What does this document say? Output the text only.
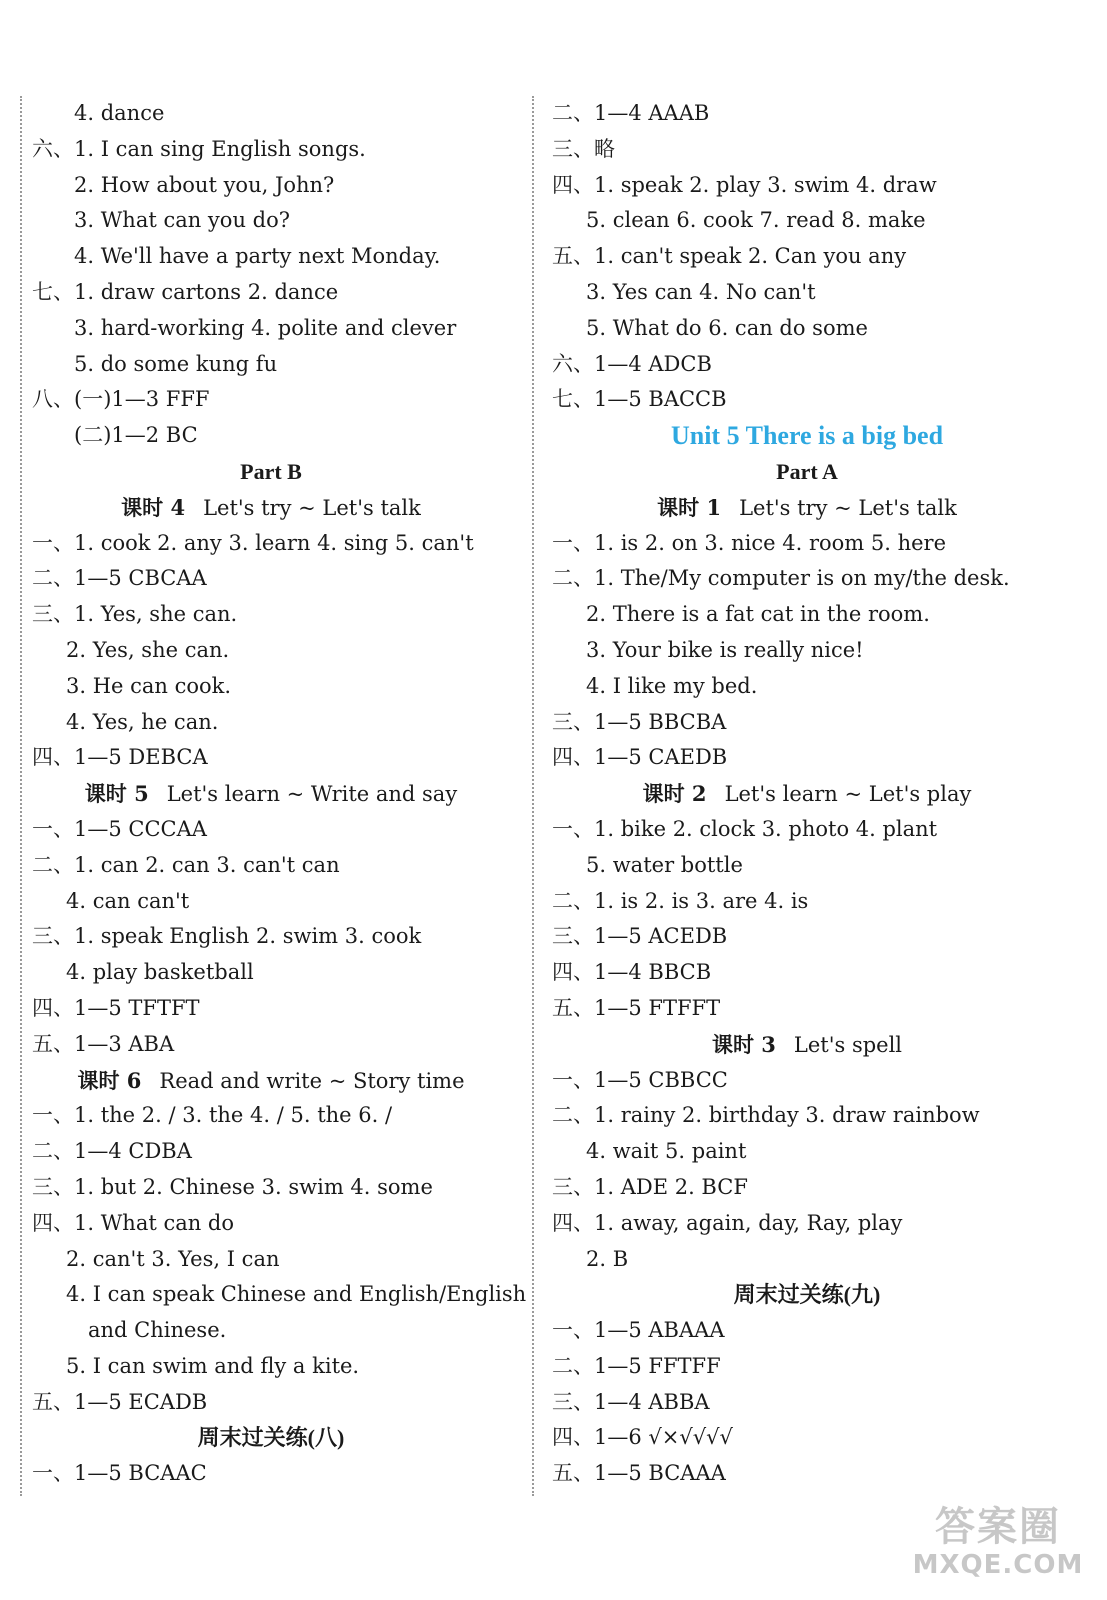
4. dance
六、1. I can sing English songs.
2. How about you, John?
3. What can you do?
4. We'll have a party next Monday.
七、1. draw cartons 2. dance
3. hard-working 4. polite and clever
5. do some kung fu
八、(一)1—3 FFF
(二)1—2 BC
Part B
课时 4 Let's try ~ Let's talk
一、1. cook 2. any 3. learn 4. sing 5. can't
二、1—5 CBCAA
三、1. Yes, she can.
2. Yes, she can.
3. He can cook.
4. Yes, he can.
四、1—5 DEBCA
课时 5 Let's learn ~ Write and say
一、1—5 CCCAA
二、1. can 2. can 3. can't can
4. can can't
三、1. speak English 2. swim 3. cook
4. play basketball
四、1—5 TFTFT
五、1—3 ABA
课时 6 Read and write ~ Story time
一、1. the 2. / 3. the 4. / 5. the 6. /
二、1—4 CDBA
三、1. but 2. Chinese 3. swim 4. some
四、1. What can do
2. can't 3. Yes, I can
4. I can speak Chinese and English/English
and Chinese.
5. I can swim and fly a kite.
五、1—5 ECADB
周末过关练(八)
一、1—5 BCAAC
二、1—4 AAAB
三、略
四、1. speak 2. play 3. swim 4. draw
5. clean 6. cook 7. read 8. make
五、1. can't speak 2. Can you any
3. Yes can 4. No can't
5. What do 6. can do some
六、1—4 ADCB
七、1—5 BACCB
Unit 5 There is a big bed
Part A
课时 1 Let's try ~ Let's talk
一、1. is 2. on 3. nice 4. room 5. here
二、1. The/My computer is on my/the desk.
2. There is a fat cat in the room.
3. Your bike is really nice!
4. I like my bed.
三、1—5 BBCBA
四、1—5 CAEDB
课时 2 Let's learn ~ Let's play
一、1. bike 2. clock 3. photo 4. plant
5. water bottle
二、1. is 2. is 3. are 4. is
三、1—5 ACEDB
四、1—4 BBCB
五、1—5 FTFFT
课时 3 Let's spell
一、1—5 CBBCC
二、1. rainy 2. birthday 3. draw rainbow
4. wait 5. paint
三、1. ADE 2. BCF
四、1. away, again, day, Ray, play
2. B
周末过关练(九)
一、1—5 ABAAA
二、1—5 FFTFF
三、1—4 ABBA
四、1—6 √×√√√√
五、1—5 BCAAA
答案圈
MXQE.COM
